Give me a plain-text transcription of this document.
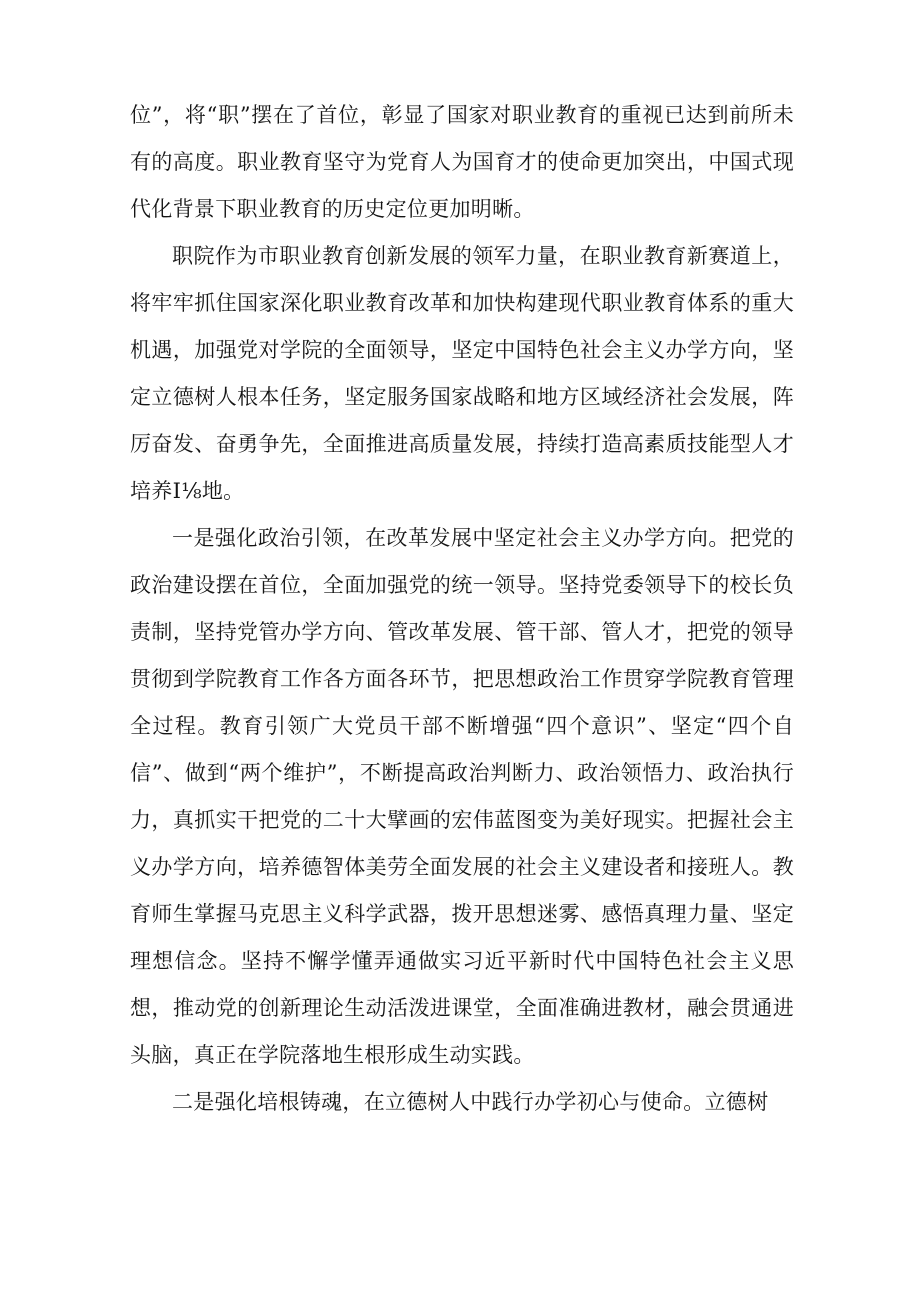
位”，将“职”摆在了首位，彰显了国家对职业教育的重视已达到前所未有的高度。职业教育坚守为党育人为国育才的使命更加突出，中国式现代化背景下职业教育的历史定位更加明晰。

职院作为市职业教育创新发展的领军力量，在职业教育新赛道上，将牢牢抓住国家深化职业教育改革和加快构建现代职业教育体系的重大机遇，加强党对学院的全面领导，坚定中国特色社会主义办学方向，坚定立德树人根本任务，坚定服务国家战略和地方区域经济社会发展，阵厉奋发、奋勇争先，全面推进高质量发展，持续打造高素质技能型人才培养I⅛地。

一是强化政治引领，在改革发展中坚定社会主义办学方向。把党的政治建设摆在首位，全面加强党的统一领导。坚持党委领导下的校长负责制，坚持党管办学方向、管改革发展、管干部、管人才，把党的领导贯彻到学院教育工作各方面各环节，把思想政治工作贯穿学院教育管理全过程。教育引领广大党员干部不断增强“四个意识”、坚定“四个自信”、做到“两个维护”，不断提高政治判断力、政治领悟力、政治执行力，真抓实干把党的二十大擘画的宏伟蓝图变为美好现实。把握社会主义办学方向，培养德智体美劳全面发展的社会主义建设者和接班人。教育师生掌握马克思主义科学武器，拨开思想迷雾、感悟真理力量、坚定理想信念。坚持不懈学懂弄通做实习近平新时代中国特色社会主义思想，推动党的创新理论生动活泼进课堂，全面准确进教材，融会贯通进头脑，真正在学院落地生根形成生动实践。

二是强化培根铸魂，在立德树人中践行办学初心与使命。立德树
